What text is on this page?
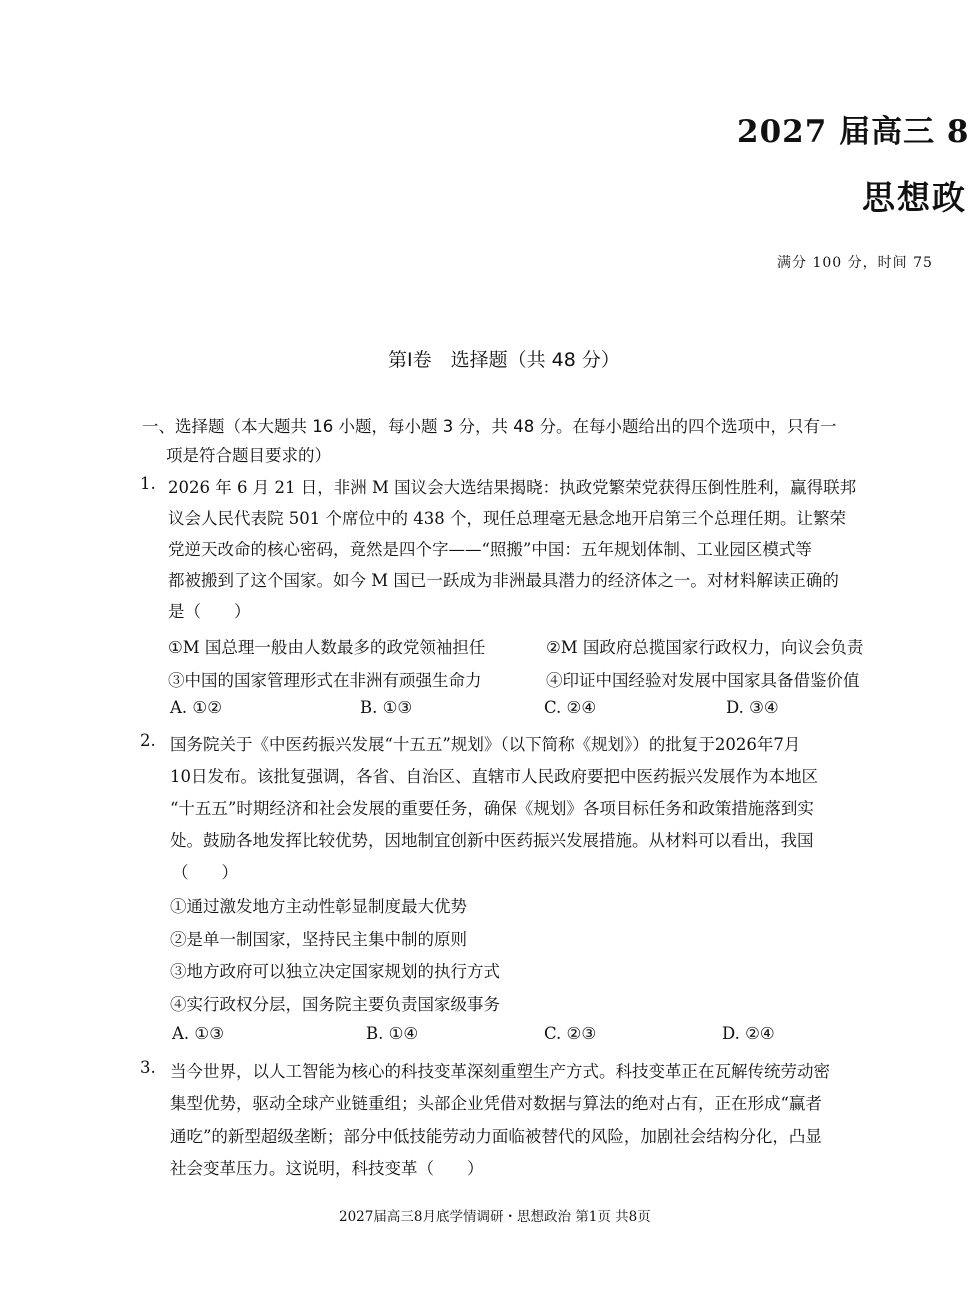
2027 届高三 8
思想政
满分 100 分，时间 75
第Ⅰ卷　选择题（共 48 分）
一、选择题（本大题共 16 小题，每小题 3 分，共 48 分。在每小题给出的四个选项中，只有一
项是符合题目要求的）
1. 2026 年 6 月 21 日，非洲 M 国议会大选结果揭晓：执政党繁荣党获得压倒性胜利，赢得联邦
议会人民代表院 501 个席位中的 438 个，现任总理毫无悬念地开启第三个总理任期。让繁荣
党逆天改命的核心密码，竟然是四个字——“照搬”中国：五年规划体制、工业园区模式等
都被搬到了这个国家。如今 M 国已一跃成为非洲最具潜力的经济体之一。对材料解读正确的
是（　　）
①M 国总理一般由人数最多的政党领袖担任	②M 国政府总揽国家行政权力，向议会负责
③中国的国家管理形式在非洲有顽强生命力	④印证中国经验对发展中国家具备借鉴价值
A. ①②	B. ①③	C. ②④	D. ③④
2. 国务院关于《中医药振兴发展“十五五”规划》（以下简称《规划》）的批复于2026年7月
10日发布。该批复强调，各省、自治区、直辖市人民政府要把中医药振兴发展作为本地区
“十五五”时期经济和社会发展的重要任务，确保《规划》各项目标任务和政策措施落到实
处。鼓励各地发挥比较优势，因地制宜创新中医药振兴发展措施。从材料可以看出，我国
（　　）
①通过激发地方主动性彰显制度最大优势
②是单一制国家，坚持民主集中制的原则
③地方政府可以独立决定国家规划的执行方式
④实行政权分层，国务院主要负责国家级事务
A. ①③	B. ①④	C. ②③	D. ②④
3. 当今世界，以人工智能为核心的科技变革深刻重塑生产方式。科技变革正在瓦解传统劳动密
集型优势，驱动全球产业链重组；头部企业凭借对数据与算法的绝对占有，正在形成“赢者
通吃”的新型超级垄断；部分中低技能劳动力面临被替代的风险，加剧社会结构分化，凸显
社会变革压力。这说明，科技变革（　　）
2027届高三8月底学情调研・思想政治 第1页 共8页
